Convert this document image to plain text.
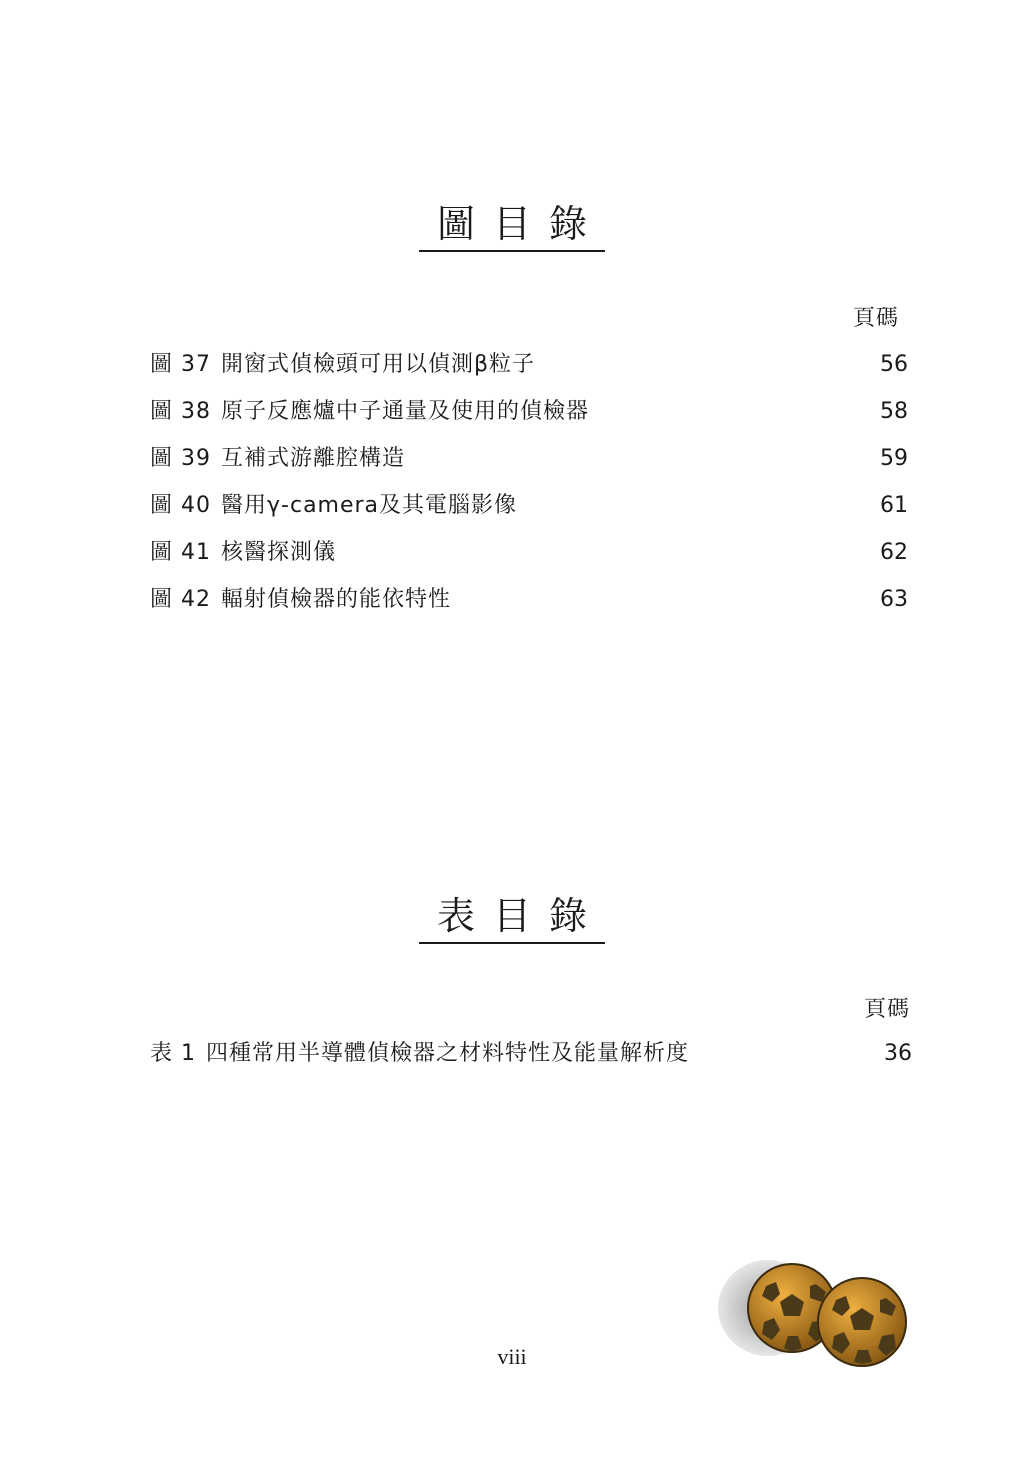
圖目錄
頁碼
圖 37 開窗式偵檢頭可用以偵測β粒子	56
圖 38 原子反應爐中子通量及使用的偵檢器	58
圖 39 互補式游離腔構造	59
圖 40 醫用γ-camera及其電腦影像	61
圖 41 核醫探測儀	62
圖 42 輻射偵檢器的能依特性	63
表目錄
頁碼
表 1 四種常用半導體偵檢器之材料特性及能量解析度	36
viii
